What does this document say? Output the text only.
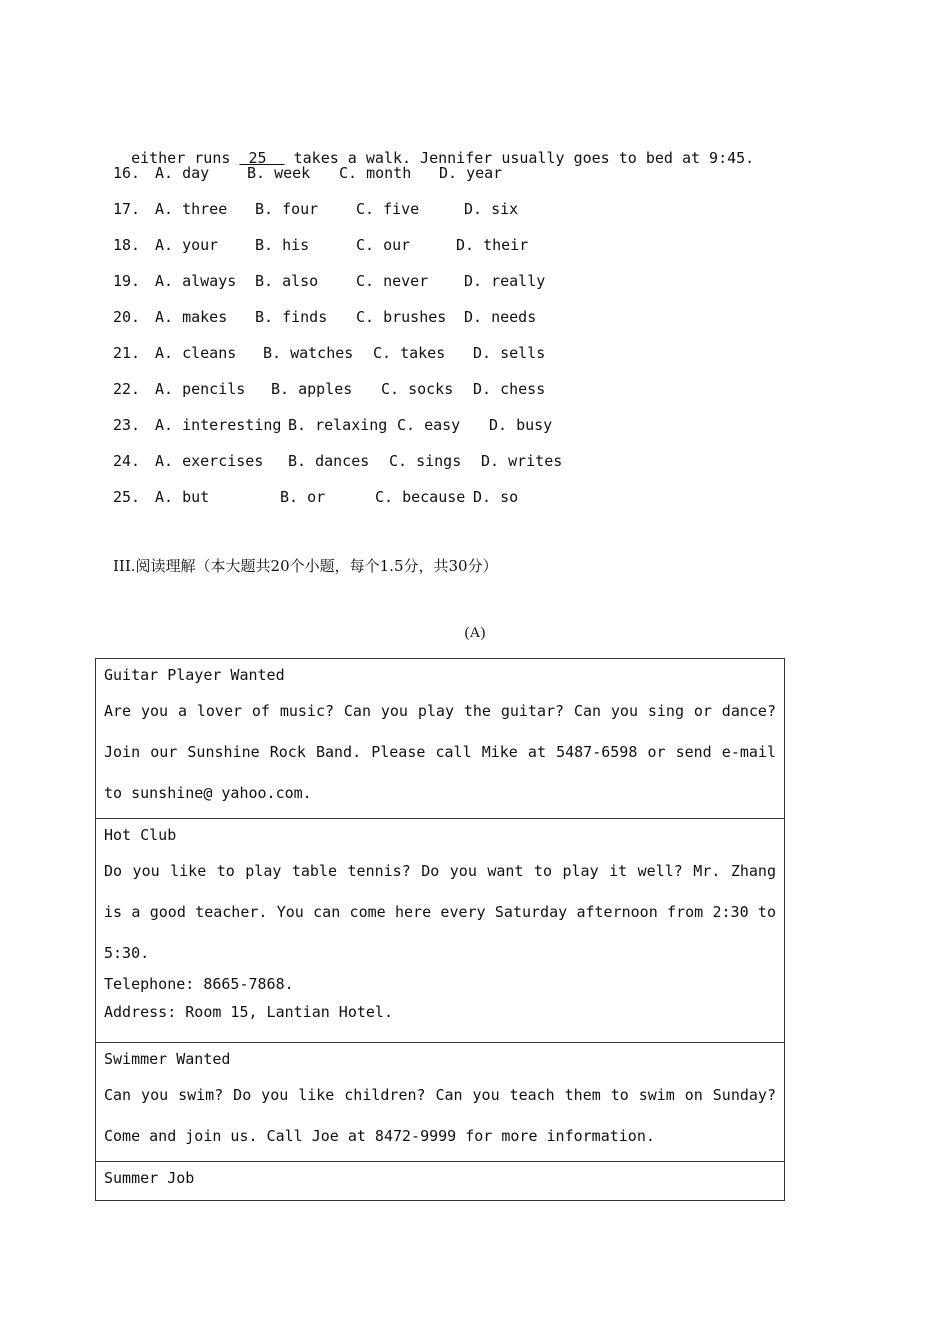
either runs  25   takes a walk. Jennifer usually goes to bed at 9:45.

16. A. day	B. week C. month D. year
17. A. three B. four	C. five	D. six
18. A. your B. his	C. our	D. their
19. A. always B. also	C. never D. really
20. A. makes B. finds C. brushes D. needs
21. A. cleans B. watches C. takes D. sells
22. A. pencils B. apples C. socks D. chess
23. A. interesting B. relaxing C. easy D. busy
24. A. exercises B. dances C. sings D. writes
25. A. but	B. or	C. because D. so
III.阅读理解（本大题共20个小题，每个1.5分，共30分）
(A)
Guitar Player Wanted
Are you a lover of music? Can you play the guitar? Can you sing or dance? Join our Sunshine Rock Band. Please call Mike at 5487-6598 or send e-mail to sunshine@ yahoo.com.

Hot Club
Do you like to play table tennis? Do you want to play it well? Mr. Zhang is a good teacher. You can come here every Saturday afternoon from 2:30 to 5:30.
Telephone: 8665-7868.
Address: Room 15, Lantian Hotel.

Swimmer Wanted
Can you swim? Do you like children? Can you teach them to swim on Sunday? Come and join us. Call Joe at 8472-9999 for more information.

Summer Job
